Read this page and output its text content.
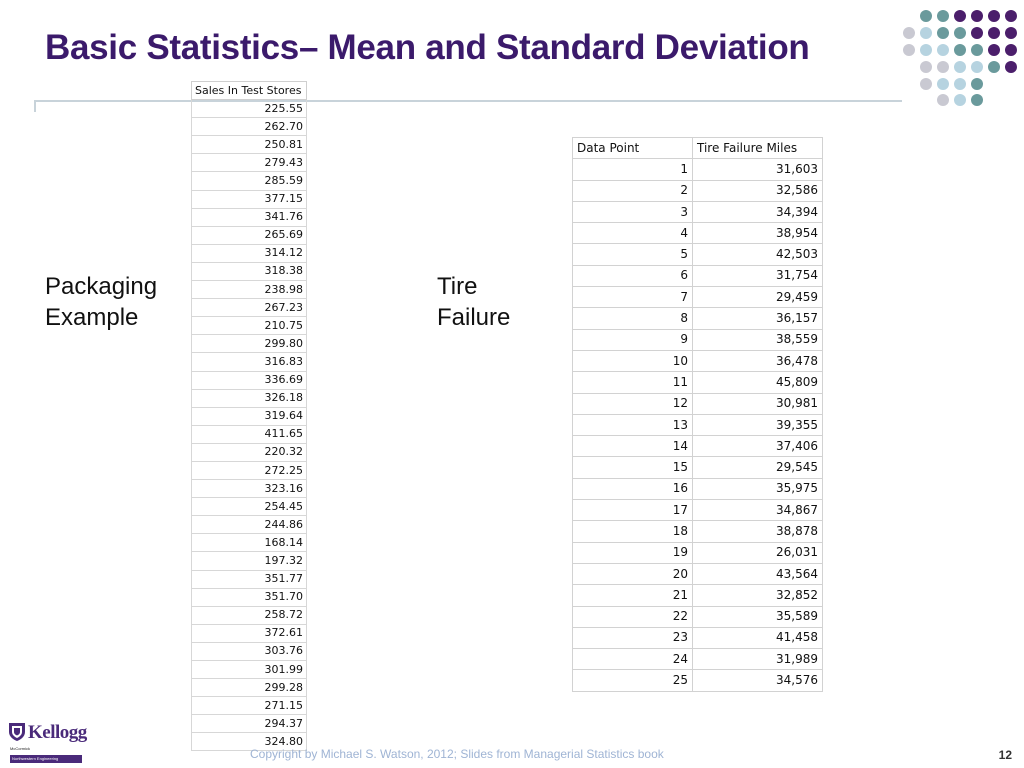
Basic Statistics– Mean and Standard Deviation
Packaging
Example
Tire
Failure
Sales In Test Stores
225.55
262.70
250.81
279.43
285.59
377.15
341.76
265.69
314.12
318.38
238.98
267.23
210.75
299.80
316.83
336.69
326.18
319.64
411.65
220.32
272.25
323.16
254.45
244.86
168.14
197.32
351.77
351.70
258.72
372.61
303.76
301.99
299.28
271.15
294.37
324.80
Data Point	Tire Failure Miles
1	31,603
2	32,586
3	34,394
4	38,954
5	42,503
6	31,754
7	29,459
8	36,157
9	38,559
10	36,478
11	45,809
12	30,981
13	39,355
14	37,406
15	29,545
16	35,975
17	34,867
18	38,878
19	26,031
20	43,564
21	32,852
22	35,589
23	41,458
24	31,989
25	34,576
Kellogg
McCormick
Northwestern Engineering	Copyright by Michael S. Watson, 2012; Slides from Managerial Statistics book	12
